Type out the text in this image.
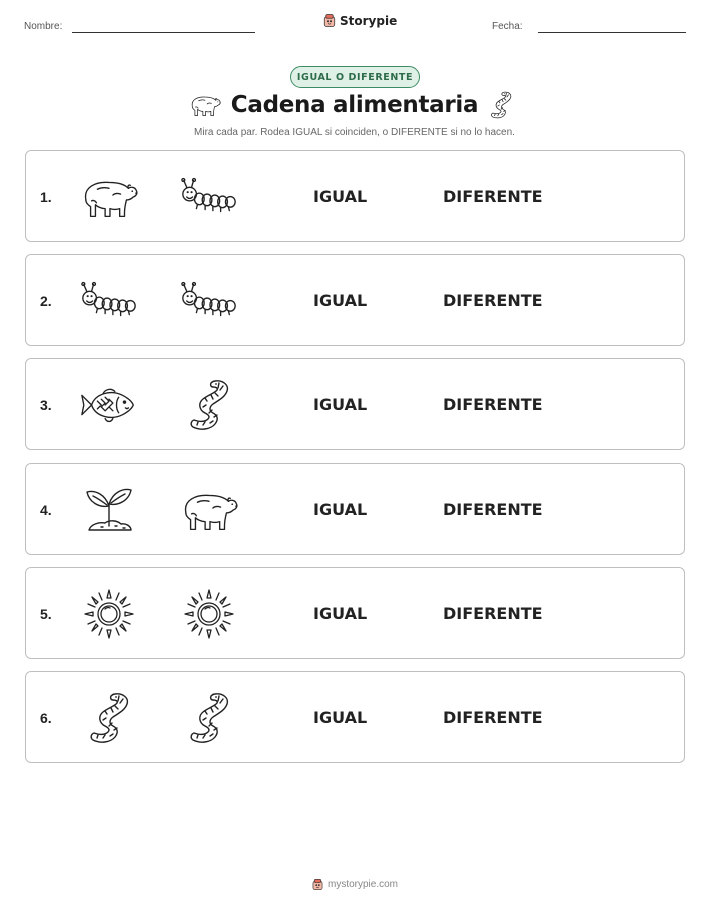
Nombre:	Storypie	Fecha:
IGUAL O DIFERENTE
Cadena alimentaria
Mira cada par. Rodea IGUAL si coinciden, o DIFERENTE si no lo hacen.
1.	IGUAL	DIFERENTE
2.	IGUAL	DIFERENTE
3.	IGUAL	DIFERENTE
4.	IGUAL	DIFERENTE
5.	IGUAL	DIFERENTE
6.	IGUAL	DIFERENTE
mystorypie.com
